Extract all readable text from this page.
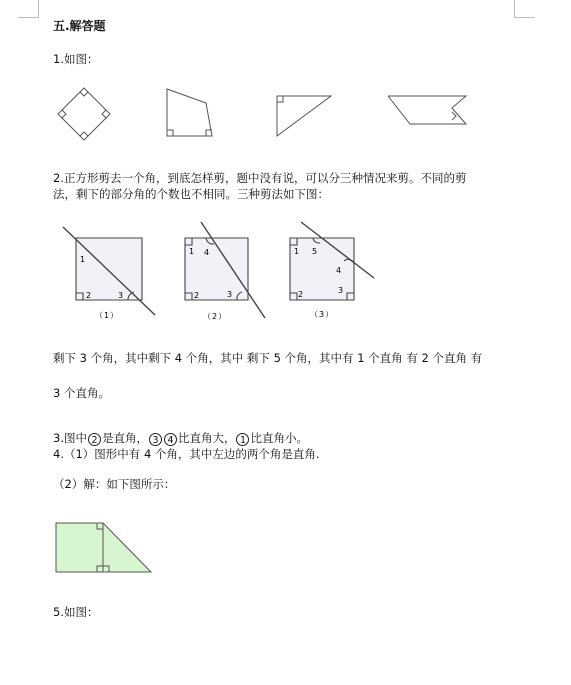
五.解答题
1.如图：
2.正方形剪去一个角，到底怎样剪，题中没有说，可以分三种情况来剪。不同的剪
法，剩下的部分角的个数也不相同。三种剪法如下图：
1
2	3
（1）
1 4
2	3
（2）
1 5
4
2	3
（3）
剩下 3 个角，其中剩下 4 个角，其中 剩下 5 个角，其中有 1 个直角 有 2 个直角 有
3 个直角。
3.图中 2 是直角， 3 4 比直角大， 1 比直角小。
4.（1）图形中有 4 个角，其中左边的两个角是直角.
（2）解：如下图所示：
5.如图：
